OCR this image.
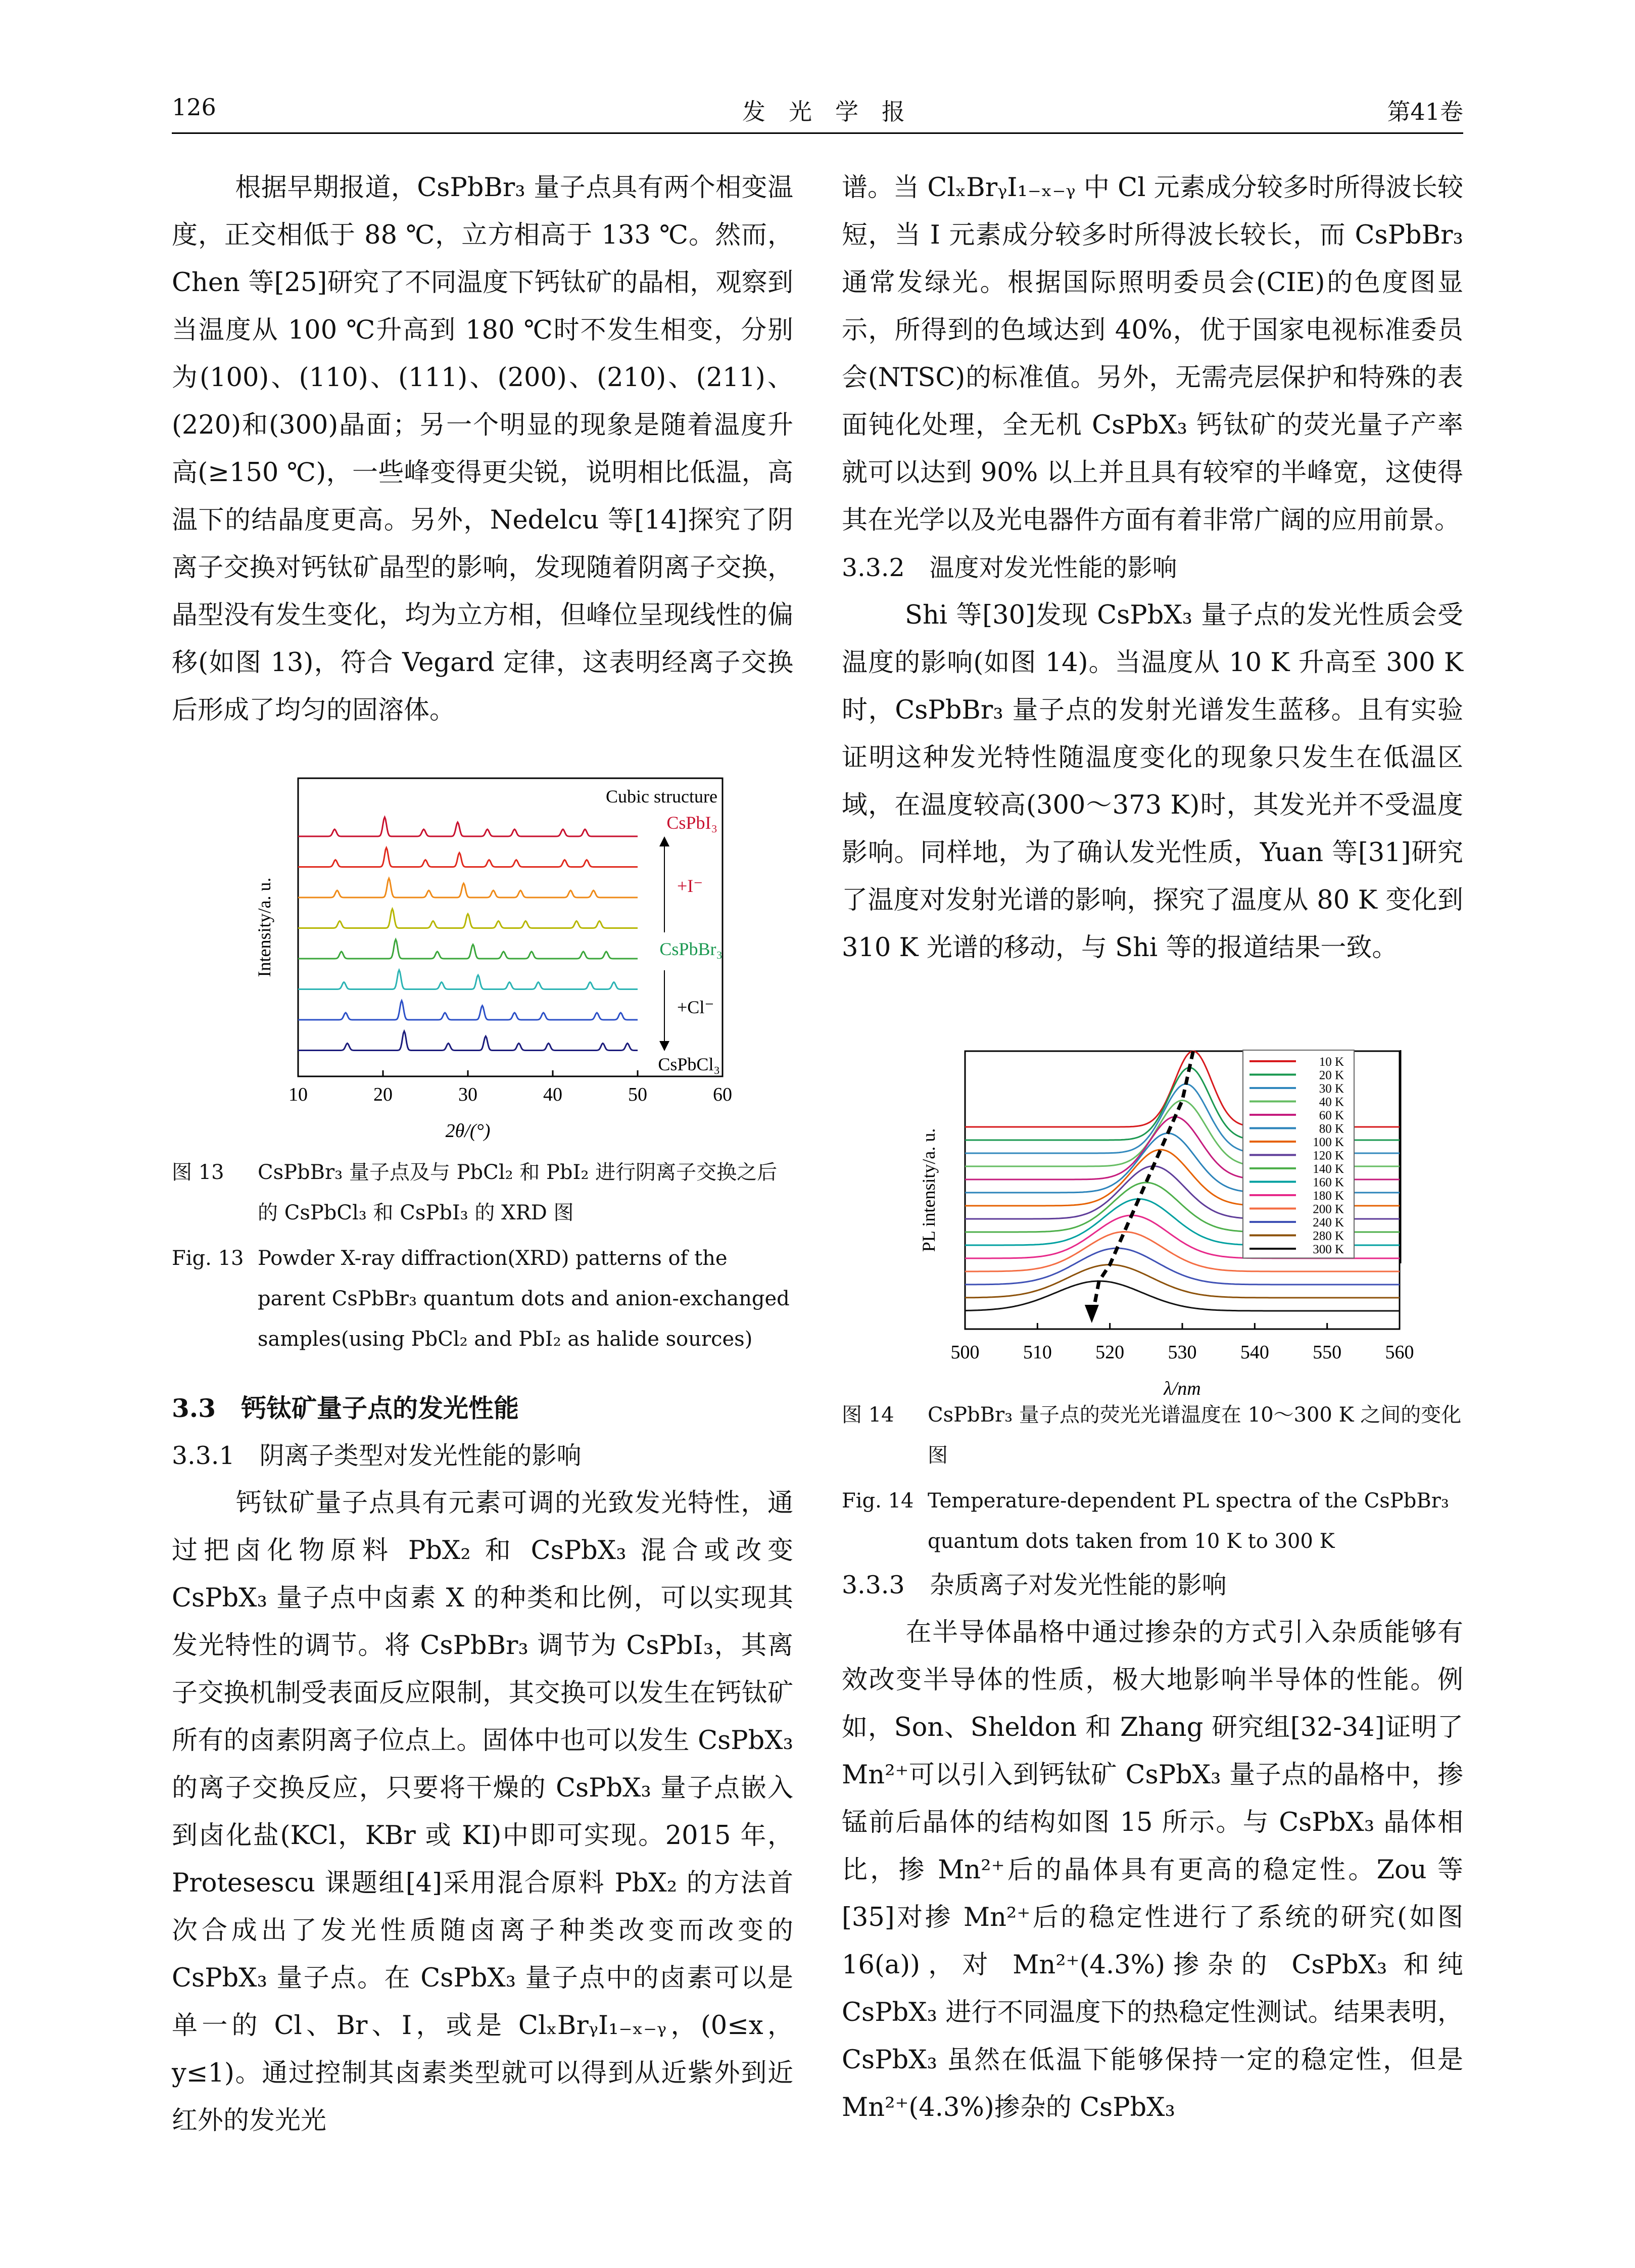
126	发　光　学　报	第41卷

根据早期报道，CsPbBr₃ 量子点具有两个相变温度，正交相低于 88 ℃，立方相高于 133 ℃。然而，Chen 等[25]研究了不同温度下钙钛矿的晶相，观察到当温度从 100 ℃升高到 180 ℃时不发生相变，分别为(100)、(110)、(111)、(200)、(210)、(211)、(220)和(300)晶面；另一个明显的现象是随着温度升高(≥150 ℃)，一些峰变得更尖锐，说明相比低温，高温下的结晶度更高。另外，Nedelcu 等[14]探究了阴离子交换对钙钛矿晶型的影响，发现随着阴离子交换，晶型没有发生变化，均为立方相，但峰位呈现线性的偏移(如图 13)，符合 Vegard 定律，这表明经离子交换后形成了均匀的固溶体。

10	20	30	40	50	60
2θ/(°)
Intensity/a. u.
Cubic structure
CsPbI₃
+I⁻
CsPbBr₃
+Cl⁻
CsPbCl₃
图 13	CsPbBr₃ 量子点及与 PbCl₂ 和 PbI₂ 进行阴离子交换之后的 CsPbCl₃ 和 CsPbI₃ 的 XRD 图
Fig. 13 Powder X-ray diffraction(XRD) patterns of the parent CsPbBr₃ quantum dots and anion-exchanged samples(using PbCl₂ and PbI₂ as halide sources)

3.3　钙钛矿量子点的发光性能

3.3.1　阴离子类型对发光性能的影响

钙钛矿量子点具有元素可调的光致发光特性，通过把卤化物原料 PbX₂ 和 CsPbX₃ 混合或改变 CsPbX₃ 量子点中卤素 X 的种类和比例，可以实现其发光特性的调节。将 CsPbBr₃ 调节为 CsPbI₃，其离子交换机制受表面反应限制，其交换可以发生在钙钛矿所有的卤素阴离子位点上。固体中也可以发生 CsPbX₃ 的离子交换反应，只要将干燥的 CsPbX₃ 量子点嵌入到卤化盐(KCl，KBr 或 KI)中即可实现。2015 年，Protesescu 课题组[4]采用混合原料 PbX₂ 的方法首次合成出了发光性质随卤离子种类改变而改变的 CsPbX₃ 量子点。在 CsPbX₃ 量子点中的卤素可以是单一的 Cl、Br、I，或是 ClₓBrᵧI₁₋ₓ₋ᵧ，(0≤x，y≤1)。通过控制其卤素类型就可以得到从近紫外到近红外的发光光

谱。当 ClₓBrᵧI₁₋ₓ₋ᵧ 中 Cl 元素成分较多时所得波长较短，当 I 元素成分较多时所得波长较长，而 CsPbBr₃ 通常发绿光。根据国际照明委员会(CIE)的色度图显示，所得到的色域达到 40%，优于国家电视标准委员会(NTSC)的标准值。另外，无需壳层保护和特殊的表面钝化处理，全无机 CsPbX₃ 钙钛矿的荧光量子产率就可以达到 90% 以上并且具有较窄的半峰宽，这使得其在光学以及光电器件方面有着非常广阔的应用前景。

3.3.2　温度对发光性能的影响

Shi 等[30]发现 CsPbX₃ 量子点的发光性质会受温度的影响(如图 14)。当温度从 10 K 升高至 300 K 时，CsPbBr₃ 量子点的发射光谱发生蓝移。且有实验证明这种发光特性随温度变化的现象只发生在低温区域，在温度较高(300～373 K)时，其发光并不受温度影响。同样地，为了确认发光性质，Yuan 等[31]研究了温度对发射光谱的影响，探究了温度从 80 K 变化到 310 K 光谱的移动，与 Shi 等的报道结果一致。

500 510 520 530 540 550 560
λ/nm
PL intensity/a. u.
10 K
20 K
30 K
40 K
60 K
80 K
100 K
120 K
140 K
160 K
180 K
200 K
240 K
280 K
300 K
图 14	CsPbBr₃ 量子点的荧光光谱温度在 10～300 K 之间的变化图
Fig. 14 Temperature-dependent PL spectra of the CsPbBr₃ quantum dots taken from 10 K to 300 K

3.3.3　杂质离子对发光性能的影响

在半导体晶格中通过掺杂的方式引入杂质能够有效改变半导体的性质，极大地影响半导体的性能。例如，Son、Sheldon 和 Zhang 研究组[32-34]证明了 Mn²⁺可以引入到钙钛矿 CsPbX₃ 量子点的晶格中，掺锰前后晶体的结构如图 15 所示。与 CsPbX₃ 晶体相比，掺 Mn²⁺后的晶体具有更高的稳定性。Zou 等[35]对掺 Mn²⁺后的稳定性进行了系统的研究(如图 16(a))，对 Mn²⁺(4.3%)掺杂的 CsPbX₃ 和纯 CsPbX₃ 进行不同温度下的热稳定性测试。结果表明，CsPbX₃ 虽然在低温下能够保持一定的稳定性，但是 Mn²⁺(4.3%)掺杂的 CsPbX₃
